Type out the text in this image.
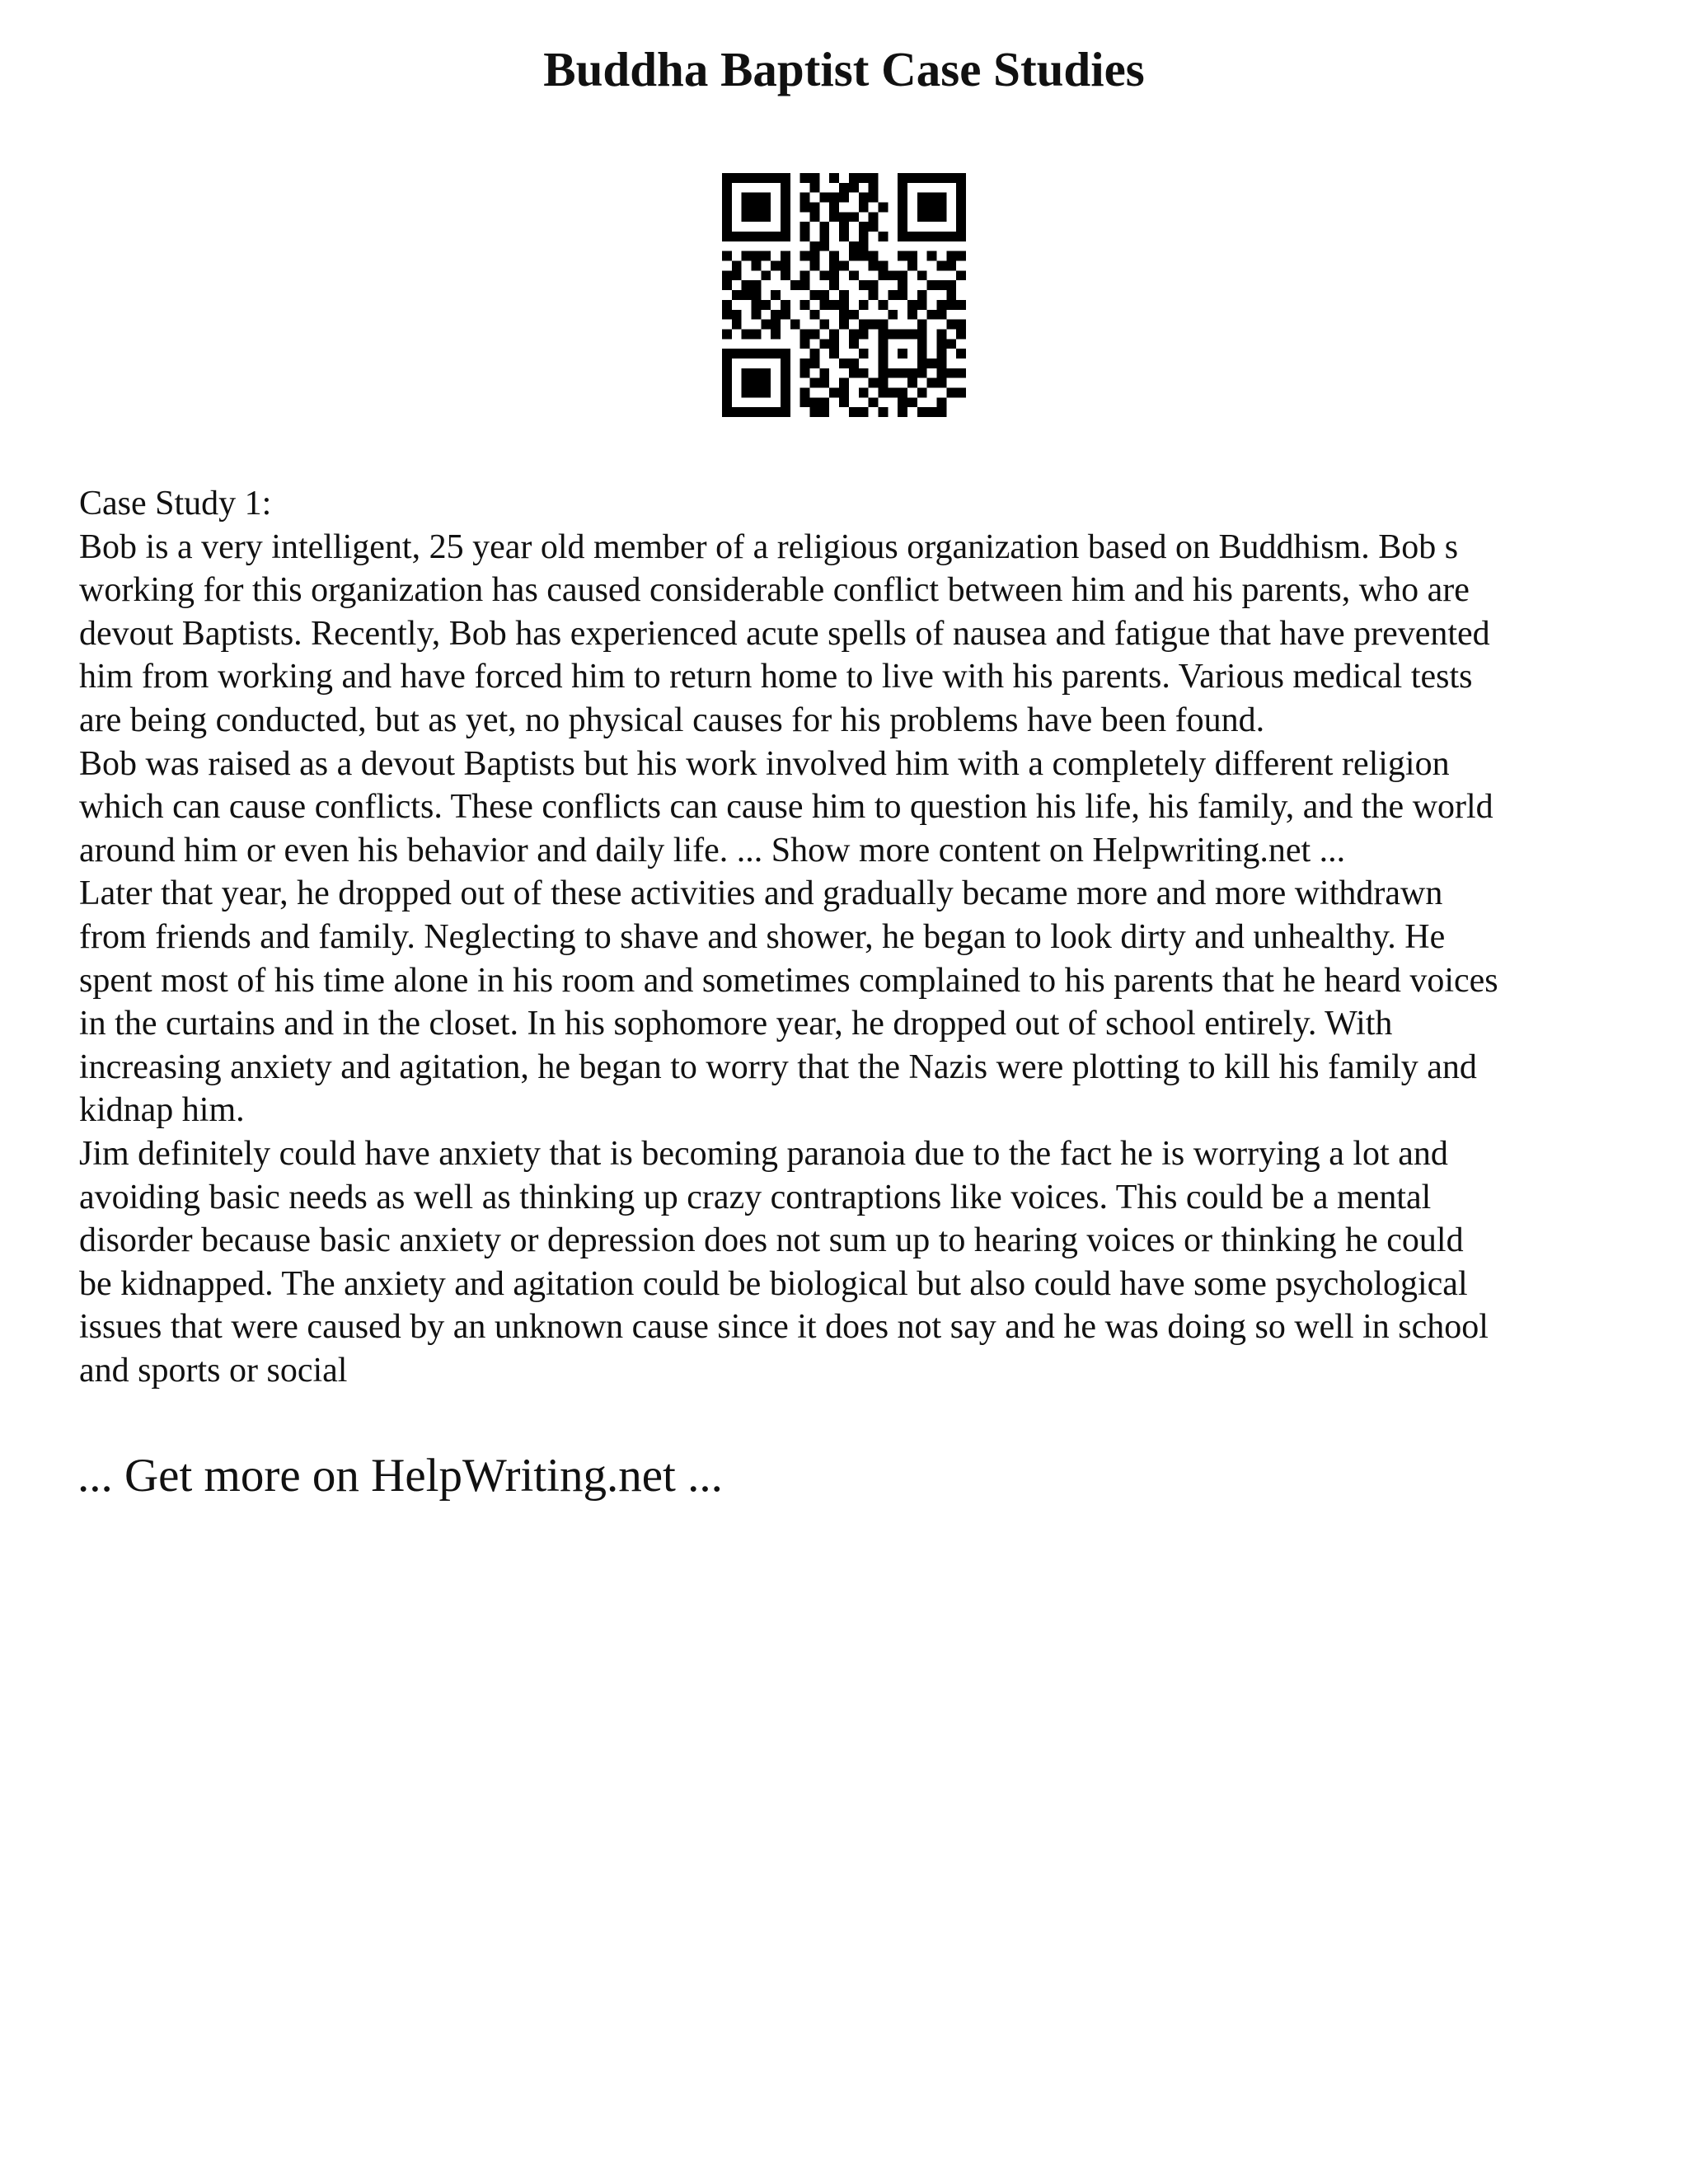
Buddha Baptist Case Studies
Case Study 1:
Bob is a very intelligent, 25 year old member of a religious organization based on Buddhism. Bob s
working for this organization has caused considerable conflict between him and his parents, who are
devout Baptists. Recently, Bob has experienced acute spells of nausea and fatigue that have prevented
him from working and have forced him to return home to live with his parents. Various medical tests
are being conducted, but as yet, no physical causes for his problems have been found.
Bob was raised as a devout Baptists but his work involved him with a completely different religion
which can cause conflicts. These conflicts can cause him to question his life, his family, and the world
around him or even his behavior and daily life. ... Show more content on Helpwriting.net ...
Later that year, he dropped out of these activities and gradually became more and more withdrawn
from friends and family. Neglecting to shave and shower, he began to look dirty and unhealthy. He
spent most of his time alone in his room and sometimes complained to his parents that he heard voices
in the curtains and in the closet. In his sophomore year, he dropped out of school entirely. With
increasing anxiety and agitation, he began to worry that the Nazis were plotting to kill his family and
kidnap him.
Jim definitely could have anxiety that is becoming paranoia due to the fact he is worrying a lot and
avoiding basic needs as well as thinking up crazy contraptions like voices. This could be a mental
disorder because basic anxiety or depression does not sum up to hearing voices or thinking he could
be kidnapped. The anxiety and agitation could be biological but also could have some psychological
issues that were caused by an unknown cause since it does not say and he was doing so well in school
and sports or social
... Get more on HelpWriting.net ...
